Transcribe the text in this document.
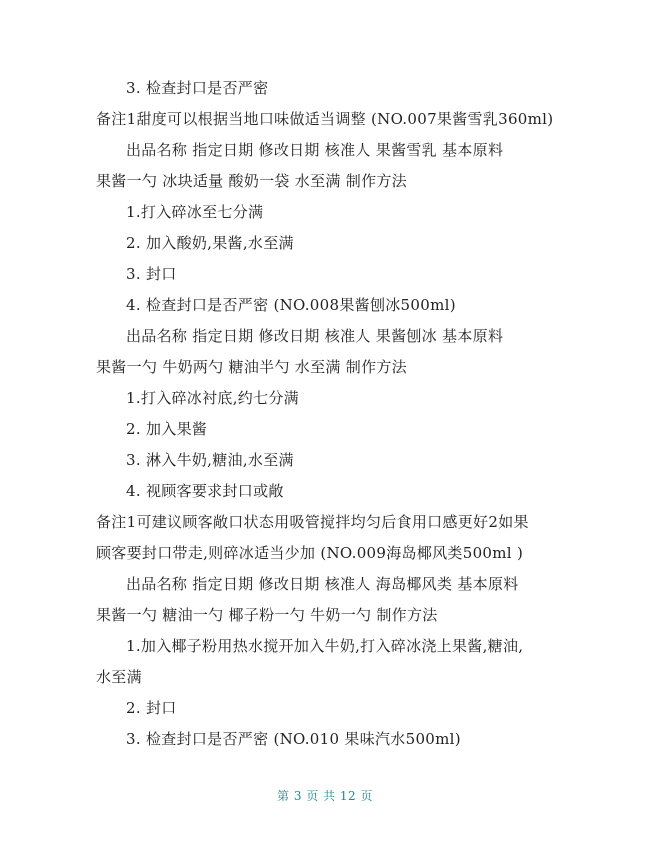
3. 检查封口是否严密
备注1甜度可以根据当地口味做适当调整 (NO.007果酱雪乳360ml)
出品名称 指定日期 修改日期 核准人 果酱雪乳 基本原料
果酱一勺 冰块适量 酸奶一袋 水至满 制作方法
1.打入碎冰至七分满
2. 加入酸奶,果酱,水至满
3. 封口
4. 检查封口是否严密 (NO.008果酱刨冰500ml)
出品名称 指定日期 修改日期 核准人 果酱刨冰 基本原料
果酱一勺 牛奶两勺 糖油半勺 水至满 制作方法
1.打入碎冰衬底,约七分满
2. 加入果酱
3. 淋入牛奶,糖油,水至满
4. 视顾客要求封口或敞
备注1可建议顾客敞口状态用吸管搅拌均匀后食用口感更好2如果
顾客要封口带走,则碎冰适当少加 (NO.009海岛椰风类500ml )
出品名称 指定日期 修改日期 核准人 海岛椰风类 基本原料
果酱一勺 糖油一勺 椰子粉一勺 牛奶一勺 制作方法
1.加入椰子粉用热水搅开加入牛奶,打入碎冰浇上果酱,糖油,
水至满
2. 封口
3. 检查封口是否严密 (NO.010 果味汽水500ml)
第 3 页 共 12 页
